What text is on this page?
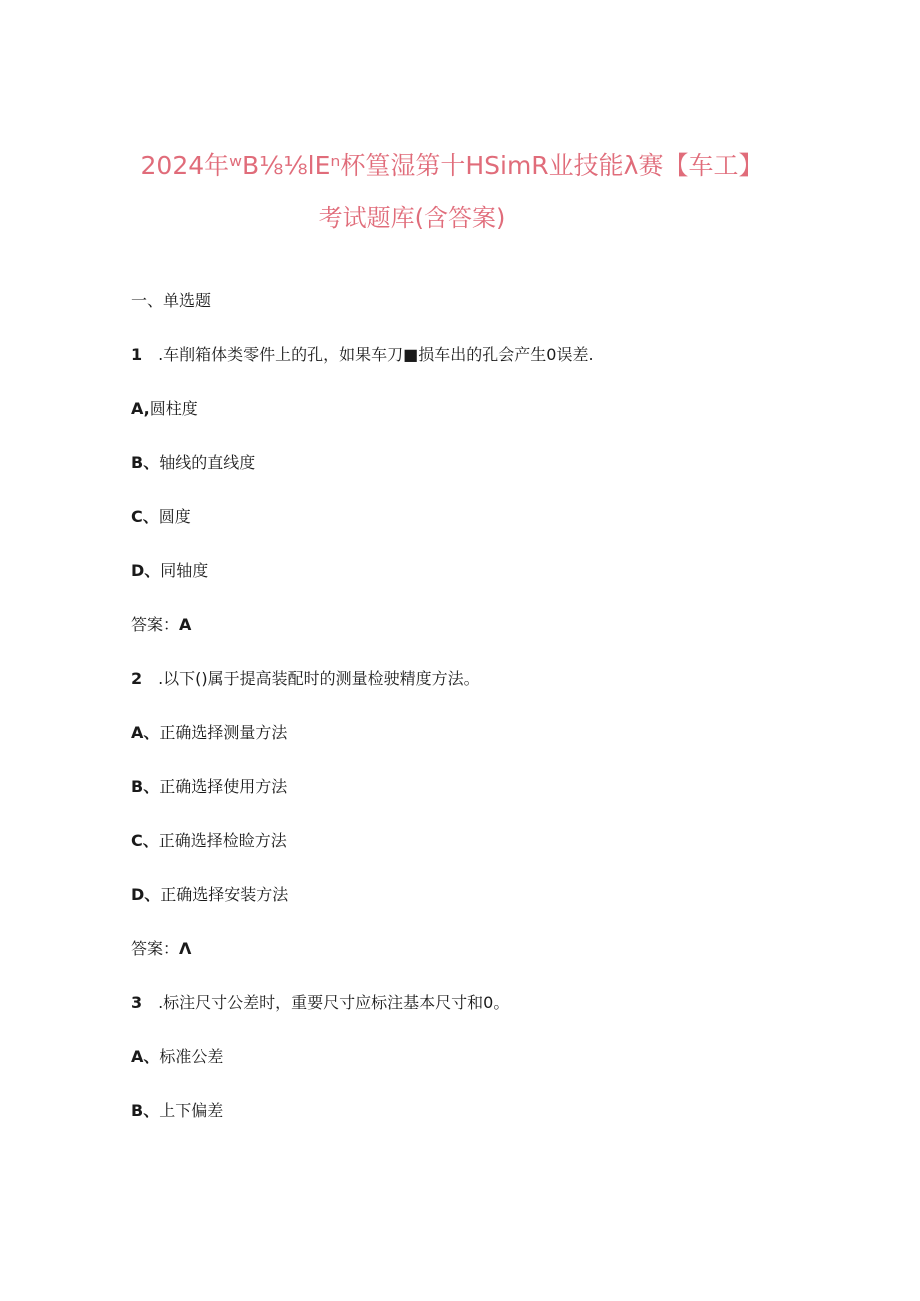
2024年ʷB⅛⅛lEⁿ杯篁湿第十HSimR业技能λ赛【车工】
考试题库(含答案)
一、单选题
1 .车削箱体类零件上的孔，如果车刀■损车出的孔会产生0误差.
A,圆柱度
B、轴线的直线度
C、圆度
D、同轴度
答案：A
2 .以下()属于提高装配时的测量检驶精度方法。
A、正确选择测量方法
B、正确选择使用方法
C、正确选择检睑方法
D、正确选择安装方法
答案：Λ
3 .标注尺寸公差时，重要尺寸应标注基本尺寸和0。
A、标准公差
B、上下偏差
